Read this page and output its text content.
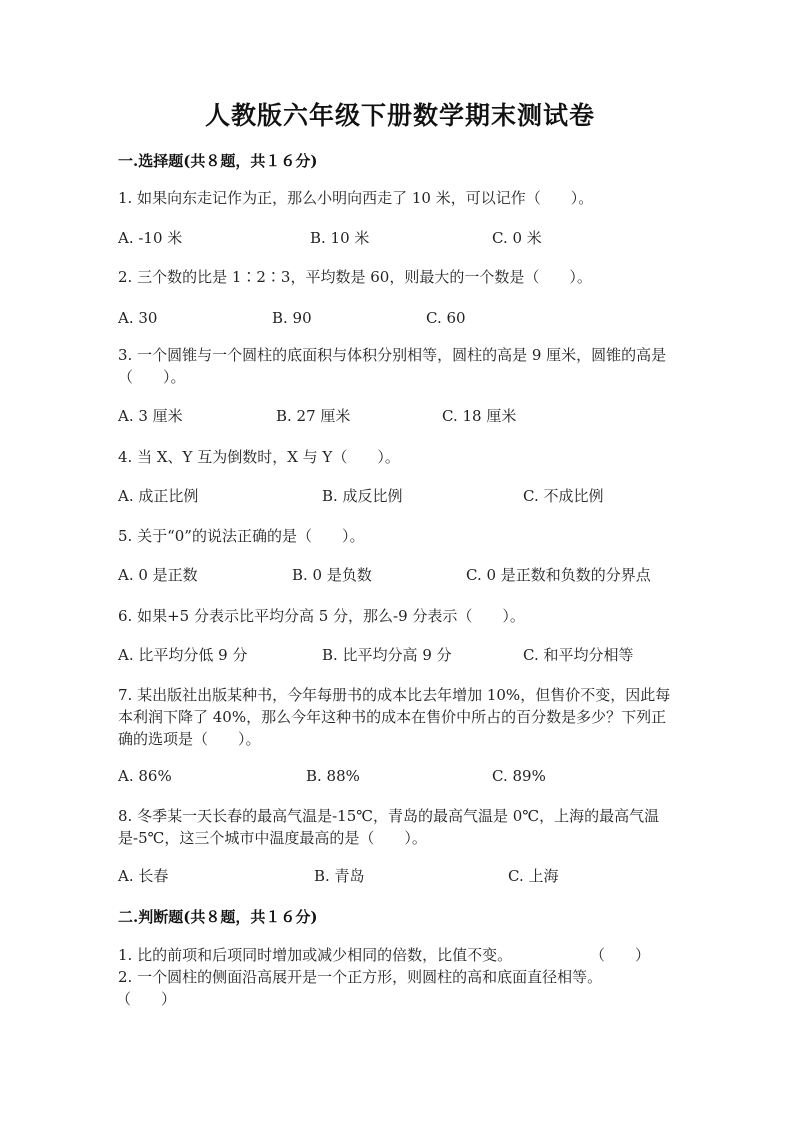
人教版六年级下册数学期末测试卷
一.选择题(共８题，共１６分)
1. 如果向东走记作为正，那么小明向西走了 10 米，可以记作（　　）。
A. -10 米	B. 10 米	C. 0 米
2. 三个数的比是 1∶2∶3，平均数是 60，则最大的一个数是（　　）。
A. 30	B. 90	C. 60
3. 一个圆锥与一个圆柱的底面积与体积分别相等，圆柱的高是 9 厘米，圆锥的高是（　　）。
A. 3 厘米	B. 27 厘米	C. 18 厘米
4. 当 X、Y 互为倒数时，X 与 Y（　　）。
A. 成正比例	B. 成反比例	C. 不成比例
5. 关于“0”的说法正确的是（　　）。
A. 0 是正数	B. 0 是负数	C. 0 是正数和负数的分界点
6. 如果+5 分表示比平均分高 5 分，那么-9 分表示（　　）。
A. 比平均分低 9 分	B. 比平均分高 9 分	C. 和平均分相等
7. 某出版社出版某种书，今年每册书的成本比去年增加 10%，但售价不变，因此每本利润下降了 40%，那么今年这种书的成本在售价中所占的百分数是多少？下列正确的选项是（　　）。
A. 86%	B. 88%	C. 89%
8. 冬季某一天长春的最高气温是-15℃，青岛的最高气温是 0℃，上海的最高气温是-5℃，这三个城市中温度最高的是（　　）。
A. 长春	B. 青岛	C. 上海
二.判断题(共８题，共１６分)
1. 比的前项和后项同时增加或减少相同的倍数，比值不变。	（　　）
2. 一个圆柱的侧面沿高展开是一个正方形，则圆柱的高和底面直径相等。
（　　）
